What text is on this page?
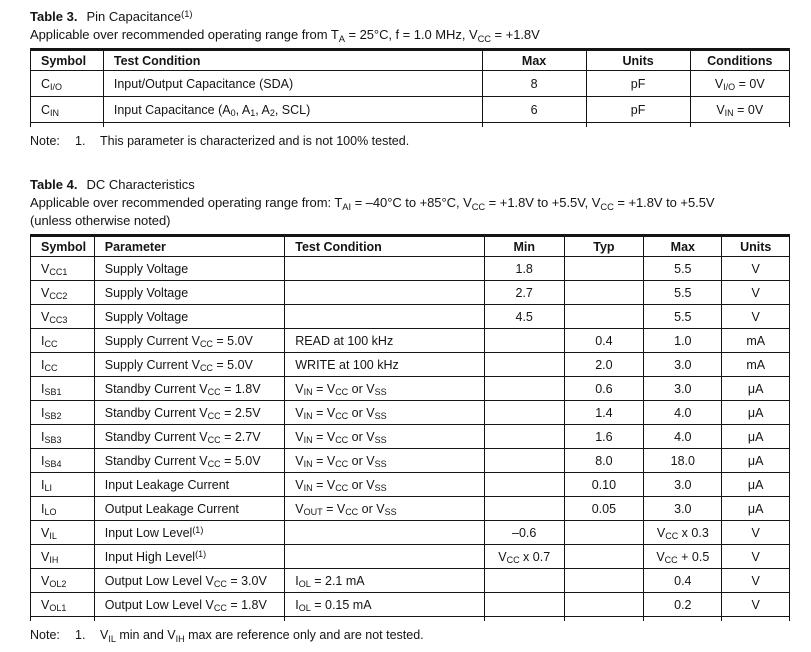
Table 3. Pin Capacitance$^{(1)}$
Applicable over recommended operating range from $T_A = 25^\circ C$, f = 1.0 MHz, $V_{CC} = +1.8V$
Symbol	Test Condition	Max	Units	Conditions
$C_{I/O}$	Input/Output Capacitance (SDA)	8	pF	$V_{I/O} = 0V$
$C_{IN}$	Input Capacitance ($A_0$, $A_1$, $A_2$, SCL)	6	pF	$V_{IN} = 0V$

Note:	1.	This parameter is characterized and is not 100% tested.
Table 4. DC Characteristics
Applicable over recommended operating range from: $T_{AI} = -40^\circ C$ to +85°C, $V_{CC} = +1.8V$ to +5.5V, $V_{CC} = +1.8V$ to +5.5V
(unless otherwise noted)
Symbol	Parameter	Test Condition	Min	Typ	Max	Units
$V_{CC1}$	Supply Voltage		1.8		5.5	V
$V_{CC2}$	Supply Voltage		2.7		5.5	V
$V_{CC3}$	Supply Voltage		4.5		5.5	V
$I_{CC}$	Supply Current $V_{CC} = 5.0V$	READ at 100 kHz		0.4	1.0	mA
$I_{CC}$	Supply Current $V_{CC} = 5.0V$	WRITE at 100 kHz		2.0	3.0	mA
$I_{SB1}$	Standby Current $V_{CC} = 1.8V$	$V_{IN} = V_{CC}$ or $V_{SS}$		0.6	3.0	μA
$I_{SB2}$	Standby Current $V_{CC} = 2.5V$	$V_{IN} = V_{CC}$ or $V_{SS}$		1.4	4.0	μA
$I_{SB3}$	Standby Current $V_{CC} = 2.7V$	$V_{IN} = V_{CC}$ or $V_{SS}$		1.6	4.0	μA
$I_{SB4}$	Standby Current $V_{CC} = 5.0V$	$V_{IN} = V_{CC}$ or $V_{SS}$		8.0	18.0	μA
$I_{LI}$	Input Leakage Current	$V_{IN} = V_{CC}$ or $V_{SS}$		0.10	3.0	μA
$I_{LO}$	Output Leakage Current	$V_{OUT} = V_{CC}$ or $V_{SS}$		0.05	3.0	μA
$V_{IL}$	Input Low Level$^{(1)}$		–0.6		$V_{CC}$ x 0.3	V
$V_{IH}$	Input High Level$^{(1)}$		$V_{CC}$ x 0.7		$V_{CC} + 0.5$	V
$V_{OL2}$	Output Low Level $V_{CC} = 3.0V$	$I_{OL} = 2.1$ mA			0.4	V
$V_{OL1}$	Output Low Level $V_{CC} = 1.8V$	$I_{OL} = 0.15$ mA			0.2	V

Note:	1.	$V_{IL}$ min and $V_{IH}$ max are reference only and are not tested.
